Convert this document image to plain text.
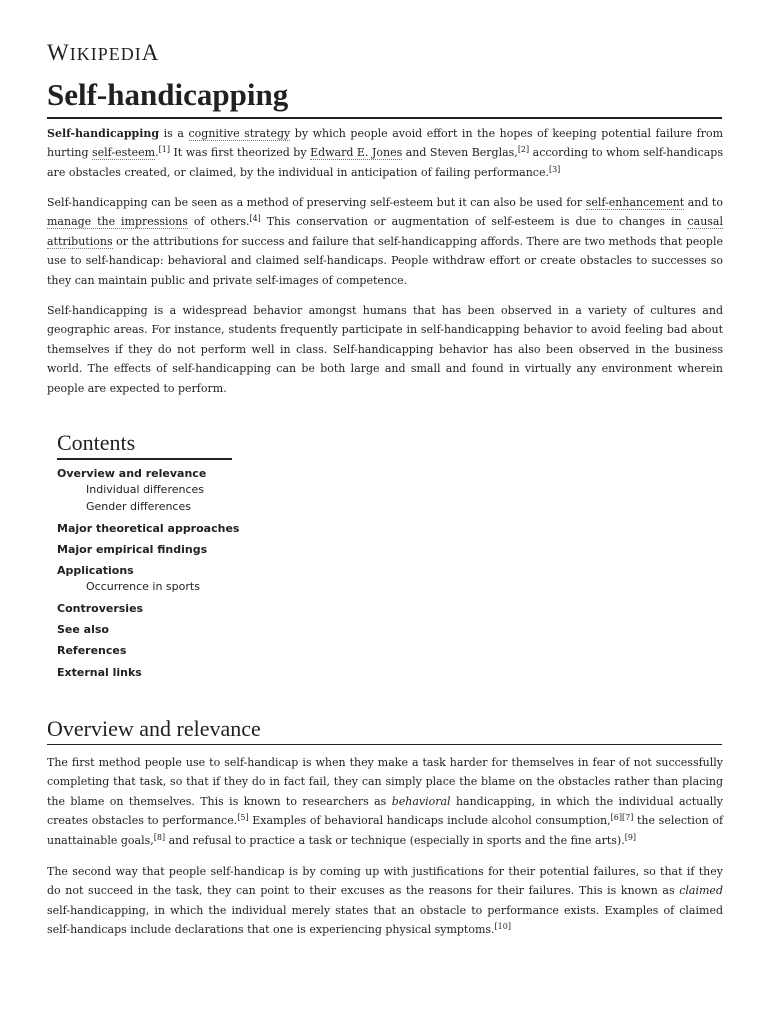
WIKIPEDIA
Self-handicapping

Self-handicapping is a cognitive strategy by which people avoid effort in the hopes of keeping potential failure from hurting self-esteem.[1] It was first theorized by Edward E. Jones and Steven Berglas,[2] according to whom self-handicaps are obstacles created, or claimed, by the individual in anticipation of failing performance.[3]

Self-handicapping can be seen as a method of preserving self-esteem but it can also be used for self-enhancement and to manage the impressions of others.[4] This conservation or augmentation of self-esteem is due to changes in causal attributions or the attributions for success and failure that self-handicapping affords. There are two methods that people use to self-handicap: behavioral and claimed self-handicaps. People withdraw effort or create obstacles to successes so they can maintain public and private self-images of competence.

Self-handicapping is a widespread behavior amongst humans that has been observed in a variety of cultures and geographic areas. For instance, students frequently participate in self-handicapping behavior to avoid feeling bad about themselves if they do not perform well in class. Self-handicapping behavior has also been observed in the business world. The effects of self-handicapping can be both large and small and found in virtually any environment wherein people are expected to perform.

Contents
Overview and relevance
Individual differences
Gender differences
Major theoretical approaches
Major empirical findings
Applications
Occurrence in sports
Controversies
See also
References
External links
Overview and relevance

The first method people use to self-handicap is when they make a task harder for themselves in fear of not successfully completing that task, so that if they do in fact fail, they can simply place the blame on the obstacles rather than placing the blame on themselves. This is known to researchers as behavioral handicapping, in which the individual actually creates obstacles to performance.[5] Examples of behavioral handicaps include alcohol consumption,[6][7] the selection of unattainable goals,[8] and refusal to practice a task or technique (especially in sports and the fine arts).[9]

The second way that people self-handicap is by coming up with justifications for their potential failures, so that if they do not succeed in the task, they can point to their excuses as the reasons for their failures. This is known as claimed self-handicapping, in which the individual merely states that an obstacle to performance exists. Examples of claimed self-handicaps include declarations that one is experiencing physical symptoms.[10]
